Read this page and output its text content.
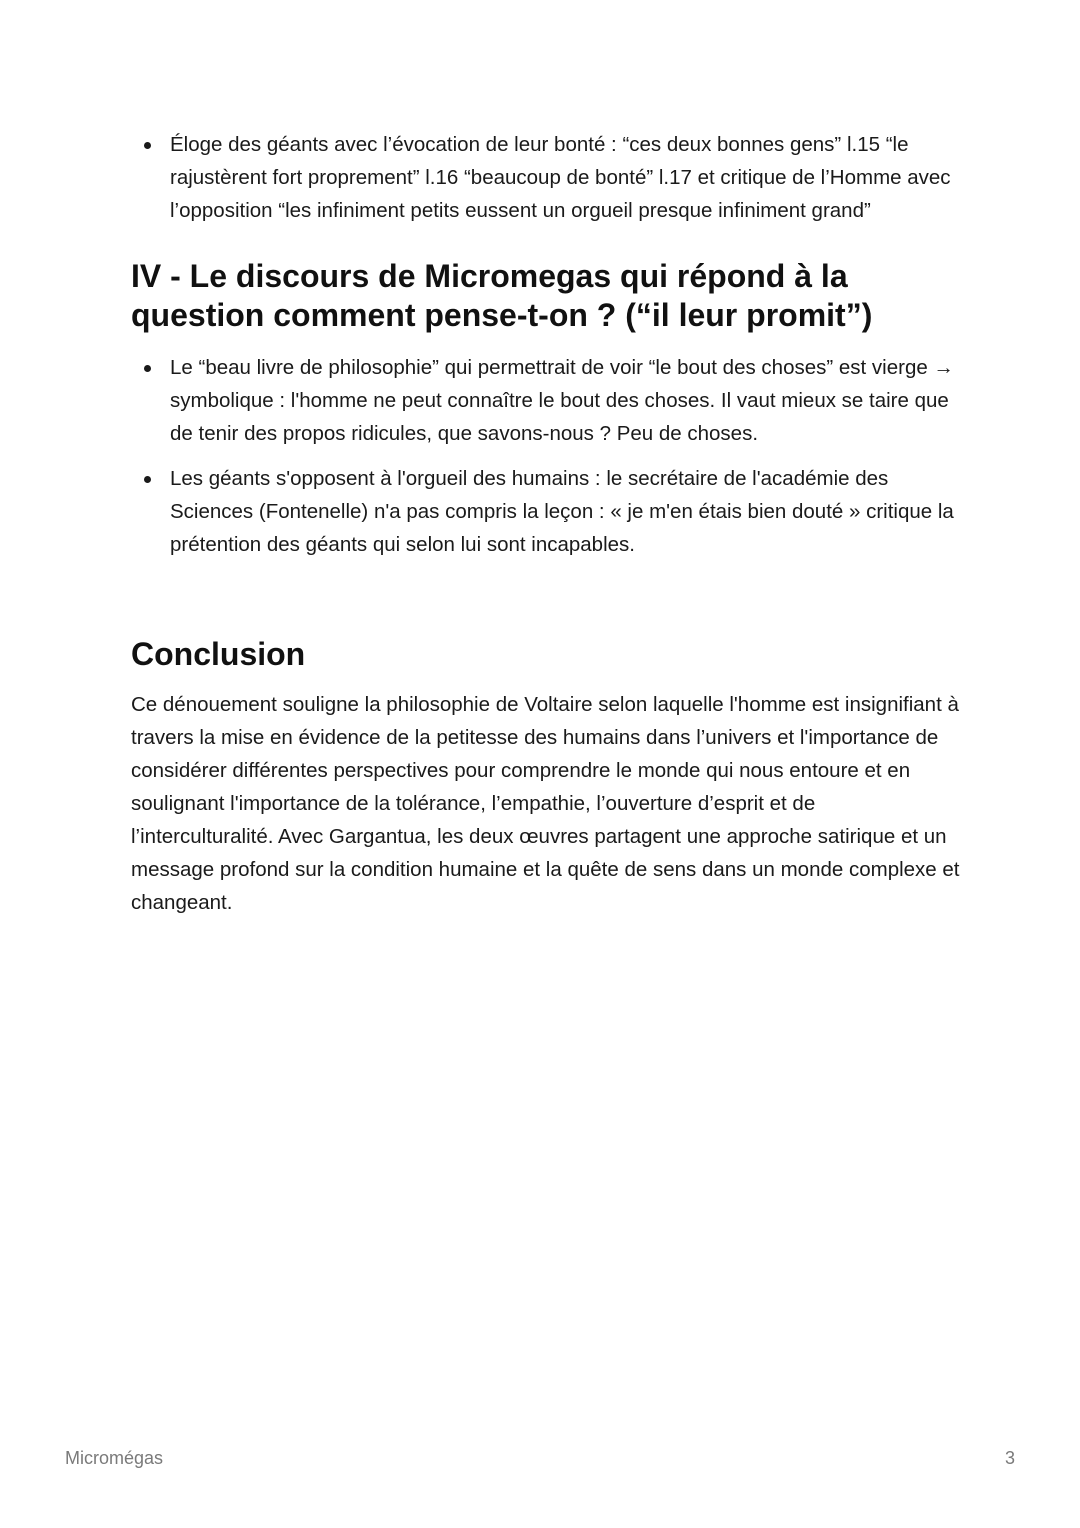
Éloge des géants avec l’évocation de leur bonté : “ces deux bonnes gens” l.15 “le rajustèrent fort proprement” l.16 “beaucoup de bonté” l.17 et critique de l’Homme avec l’opposition “les infiniment petits eussent un orgueil presque infiniment grand”
IV - Le discours de Micromegas qui répond à la question comment pense-t-on ? (“il leur promit”)
Le “beau livre de philosophie” qui permettrait de voir “le bout des choses” est vierge → symbolique : l'homme ne peut connaître le bout des choses. Il vaut mieux se taire que de tenir des propos ridicules, que savons-nous ? Peu de choses.
Les géants s'opposent à l'orgueil des humains : le secrétaire de l'académie des Sciences (Fontenelle) n'a pas compris la leçon : « je m'en étais bien douté » critique la prétention des géants qui selon lui sont incapables.
Conclusion

Ce dénouement souligne la philosophie de Voltaire selon laquelle l'homme est insignifiant à travers la mise en évidence de la petitesse des humains dans l’univers et l'importance de considérer différentes perspectives pour comprendre le monde qui nous entoure et en soulignant l'importance de la tolérance, l’empathie, l’ouverture d’esprit et de l’interculturalité. Avec Gargantua, les deux œuvres partagent une approche satirique et un message profond sur la condition humaine et la quête de sens dans un monde complexe et changeant.

Micromégas	3
